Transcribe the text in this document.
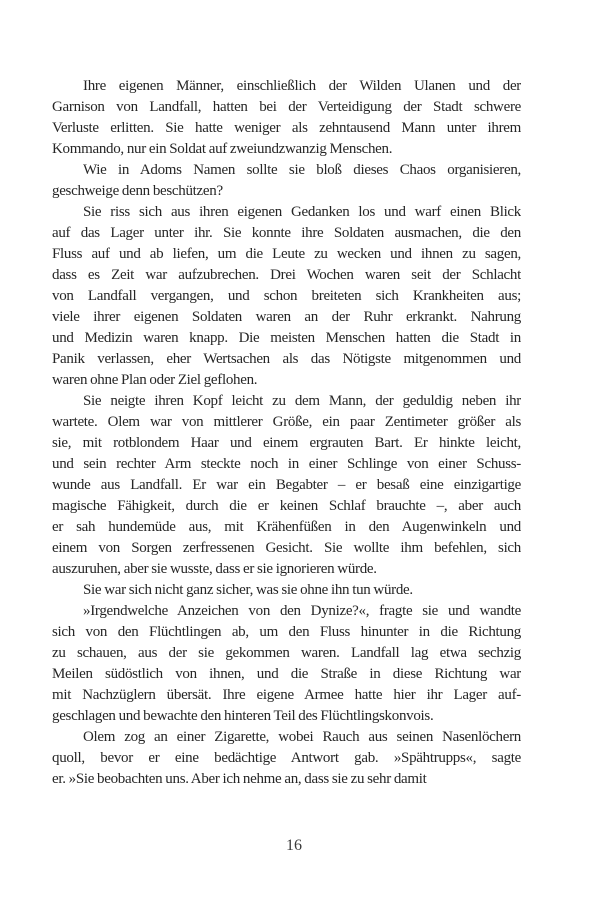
Ihre eigenen Männer, einschließlich der Wilden Ulanen und der
Garnison von Landfall, hatten bei der Verteidigung der Stadt schwere
Verluste erlitten. Sie hatte weniger als zehntausend Mann unter ihrem
Kommando, nur ein Soldat auf zweiundzwanzig Menschen.
Wie in Adoms Namen sollte sie bloß dieses Chaos organisieren,
geschweige denn beschützen?
Sie riss sich aus ihren eigenen Gedanken los und warf einen Blick
auf das Lager unter ihr. Sie konnte ihre Soldaten ausmachen, die den
Fluss auf und ab liefen, um die Leute zu wecken und ihnen zu sagen,
dass es Zeit war aufzubrechen. Drei Wochen waren seit der Schlacht
von Landfall vergangen, und schon breiteten sich Krankheiten aus;
viele ihrer eigenen Soldaten waren an der Ruhr erkrankt. Nahrung
und Medizin waren knapp. Die meisten Menschen hatten die Stadt in
Panik verlassen, eher Wertsachen als das Nötigste mitgenommen und
waren ohne Plan oder Ziel geflohen.
Sie neigte ihren Kopf leicht zu dem Mann, der geduldig neben ihr
wartete. Olem war von mittlerer Größe, ein paar Zentimeter größer als
sie, mit rotblondem Haar und einem ergrauten Bart. Er hinkte leicht,
und sein rechter Arm steckte noch in einer Schlinge von einer Schuss-
wunde aus Landfall. Er war ein Begabter – er besaß eine einzigartige
magische Fähigkeit, durch die er keinen Schlaf brauchte –, aber auch
er sah hundemüde aus, mit Krähenfüßen in den Augenwinkeln und
einem von Sorgen zerfressenen Gesicht. Sie wollte ihm befehlen, sich
auszuruhen, aber sie wusste, dass er sie ignorieren würde.
Sie war sich nicht ganz sicher, was sie ohne ihn tun würde.
»Irgendwelche Anzeichen von den Dynize?«, fragte sie und wandte
sich von den Flüchtlingen ab, um den Fluss hinunter in die Richtung
zu schauen, aus der sie gekommen waren. Landfall lag etwa sechzig
Meilen südöstlich von ihnen, und die Straße in diese Richtung war
mit Nachzüglern übersät. Ihre eigene Armee hatte hier ihr Lager auf-
geschlagen und bewachte den hinteren Teil des Flüchtlingskonvois.
Olem zog an einer Zigarette, wobei Rauch aus seinen Nasenlöchern
quoll, bevor er eine bedächtige Antwort gab. »Spähtrupps«, sagte
er. »Sie beobachten uns. Aber ich nehme an, dass sie zu sehr damit
16
